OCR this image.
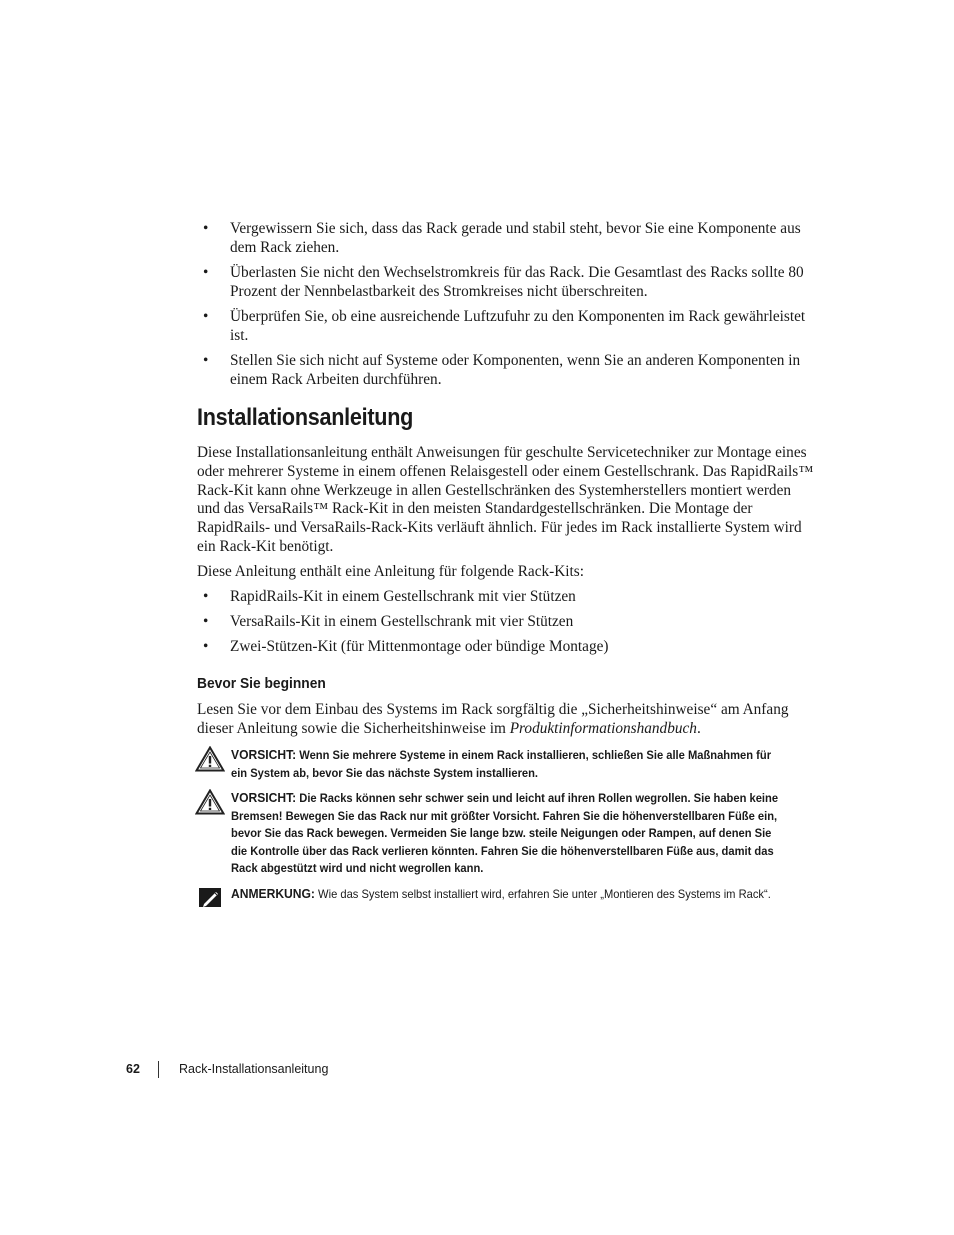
• Vergewissern Sie sich, dass das Rack gerade und stabil steht, bevor Sie eine Komponente aus dem Rack ziehen.
• Überlasten Sie nicht den Wechselstromkreis für das Rack. Die Gesamtlast des Racks sollte 80 Prozent der Nennbelastbarkeit des Stromkreises nicht überschreiten.
• Überprüfen Sie, ob eine ausreichende Luftzufuhr zu den Komponenten im Rack gewährleistet ist.
• Stellen Sie sich nicht auf Systeme oder Komponenten, wenn Sie an anderen Komponenten in einem Rack Arbeiten durchführen.
Installationsanleitung

Diese Installationsanleitung enthält Anweisungen für geschulte Servicetechniker zur Montage eines oder mehrerer Systeme in einem offenen Relaisgestell oder einem Gestellschrank. Das RapidRails™ Rack-Kit kann ohne Werkzeuge in allen Gestellschränken des Systemherstellers montiert werden und das VersaRails™ Rack-Kit in den meisten Standardgestellschränken. Die Montage der RapidRails- und VersaRails-Rack-Kits verläuft ähnlich. Für jedes im Rack installierte System wird ein Rack-Kit benötigt.

Diese Anleitung enthält eine Anleitung für folgende Rack-Kits:

• RapidRails-Kit in einem Gestellschrank mit vier Stützen
• VersaRails-Kit in einem Gestellschrank mit vier Stützen
• Zwei-Stützen-Kit (für Mittenmontage oder bündige Montage)
Bevor Sie beginnen

Lesen Sie vor dem Einbau des Systems im Rack sorgfältig die „Sicherheitshinweise“ am Anfang dieser Anleitung sowie die Sicherheitshinweise im Produktinformationshandbuch.

VORSICHT: Wenn Sie mehrere Systeme in einem Rack installieren, schließen Sie alle Maßnahmen für ein System ab, bevor Sie das nächste System installieren.
VORSICHT: Die Racks können sehr schwer sein und leicht auf ihren Rollen wegrollen. Sie haben keine Bremsen! Bewegen Sie das Rack nur mit größter Vorsicht. Fahren Sie die höhenverstellbaren Füße ein, bevor Sie das Rack bewegen. Vermeiden Sie lange bzw. steile Neigungen oder Rampen, auf denen Sie die Kontrolle über das Rack verlieren könnten. Fahren Sie die höhenverstellbaren Füße aus, damit das Rack abgestützt wird und nicht wegrollen kann.
ANMERKUNG: Wie das System selbst installiert wird, erfahren Sie unter „Montieren des Systems im Rack“.
62	Rack-Installationsanleitung
